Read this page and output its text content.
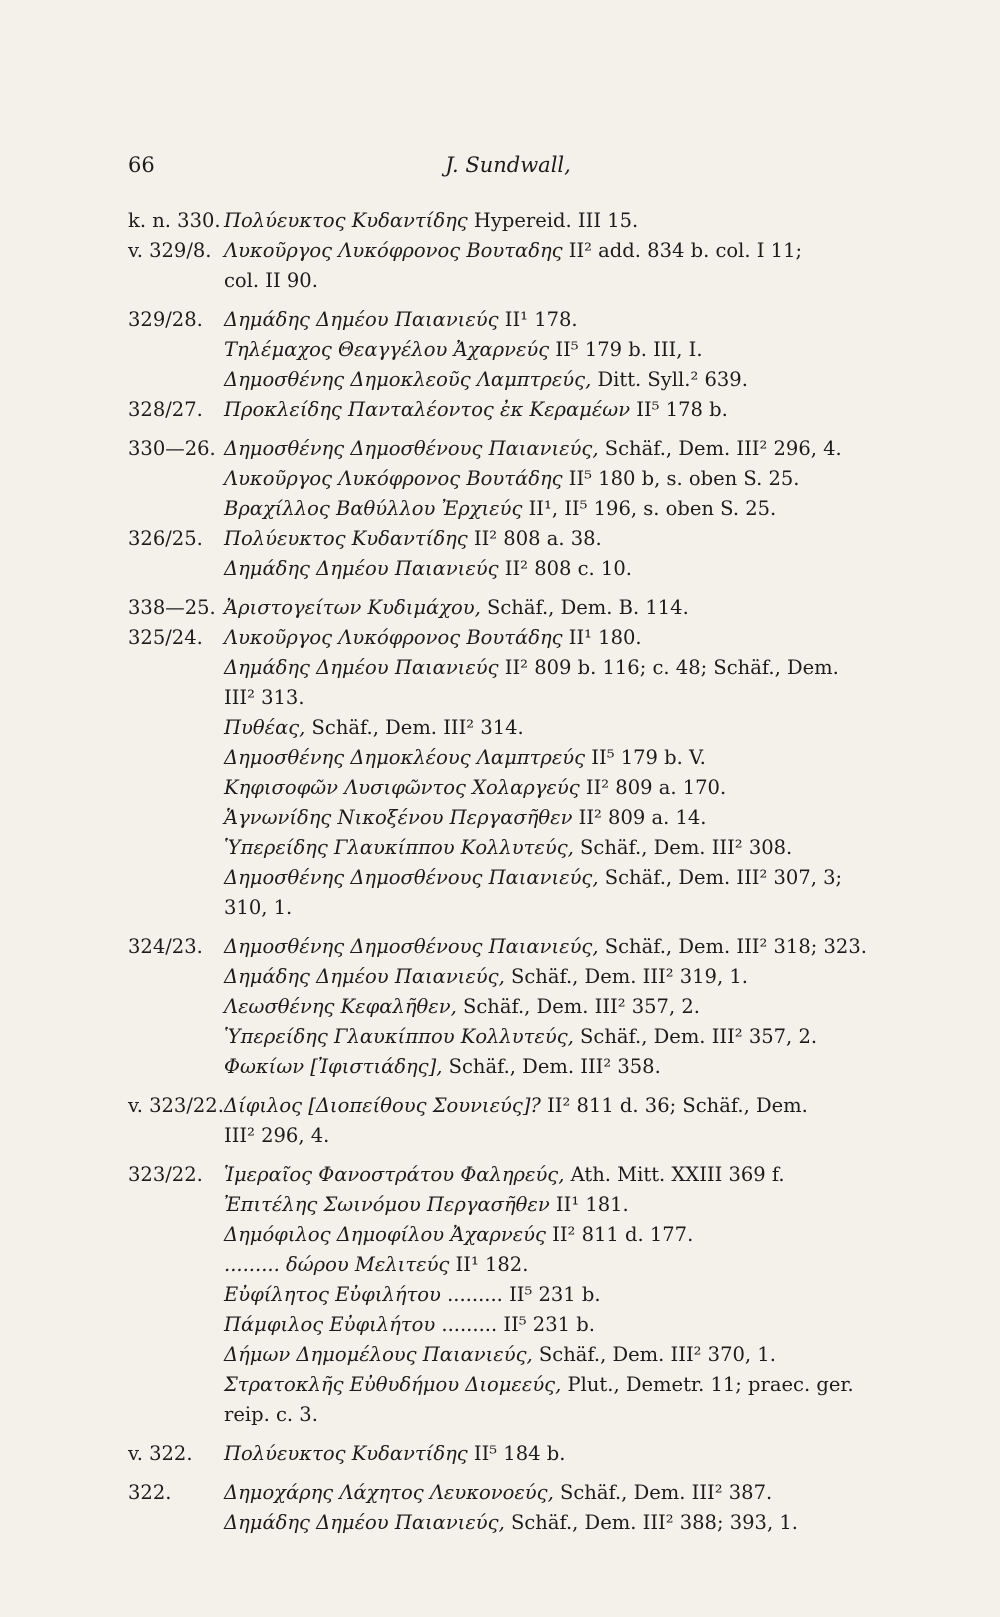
66	J. Sundwall,
k. n. 330. Πολύευκτος Κυδαντίδης Hypereid. III 15.
v. 329/8. Λυκοῦργος Λυκόφρονος Βουταδης II² add. 834 b. col. I 11;
col. II 90.
329/28. Δημάδης Δημέου Παιανιεύς II¹ 178.
Τηλέμαχος Θεαγγέλου Ἀχαρνεύς II⁵ 179 b. III, I.
Δημοσθένης Δημοκλεοῦς Λαμπτρεύς, Ditt. Syll.² 639.
328/27. Προκλείδης Πανταλέοντος ἐκ Κεραμέων II⁵ 178 b.
330—26. Δημοσθένης Δημοσθένους Παιανιεύς, Schäf., Dem. III² 296, 4.
Λυκοῦργος Λυκόφρονος Βουτάδης II⁵ 180 b, s. oben S. 25.
Βραχίλλος Βαθύλλου Ἐρχιεύς II¹, II⁵ 196, s. oben S. 25.
326/25. Πολύευκτος Κυδαντίδης II² 808 a. 38.
Δημάδης Δημέου Παιανιεύς II² 808 c. 10.
338—25. Ἀριστογείτων Κυδιμάχου, Schäf., Dem. B. 114.
325/24. Λυκοῦργος Λυκόφρονος Βουτάδης II¹ 180.
Δημάδης Δημέου Παιανιεύς II² 809 b. 116; c. 48; Schäf., Dem.
III² 313.
Πυθέας, Schäf., Dem. III² 314.
Δημοσθένης Δημοκλέους Λαμπτρεύς II⁵ 179 b. V.
Κηφισοφῶν Λυσιφῶντος Χολαργεύς II² 809 a. 170.
Ἁγνωνίδης Νικοξένου Περγασῆθεν II² 809 a. 14.
Ὑπερείδης Γλαυκίππου Κολλυτεύς, Schäf., Dem. III² 308.
Δημοσθένης Δημοσθένους Παιανιεύς, Schäf., Dem. III² 307, 3;
310, 1.
324/23. Δημοσθένης Δημοσθένους Παιανιεύς, Schäf., Dem. III² 318; 323.
Δημάδης Δημέου Παιανιεύς, Schäf., Dem. III² 319, 1.
Λεωσθένης Κεφαλῆθεν, Schäf., Dem. III² 357, 2.
Ὑπερείδης Γλαυκίππου Κολλυτεύς, Schäf., Dem. III² 357, 2.
Φωκίων [Ἰφιστιάδης], Schäf., Dem. III² 358.
v. 323/22. Δίφιλος [Διοπείθους Σουνιεύς]? II² 811 d. 36; Schäf., Dem.
III² 296, 4.
323/22. Ἱμεραῖος Φανοστράτου Φαληρεύς, Ath. Mitt. XXIII 369 f.
Ἐπιτέλης Σωινόμου Περγασῆθεν II¹ 181.
Δημόφιλος Δημοφίλου Ἀχαρνεύς II² 811 d. 177.
......... δώρου Μελιτεύς II¹ 182.
Εὐφίλητος Εὐφιλήτου ......... II⁵ 231 b.
Πάμφιλος Εὐφιλήτου ......... II⁵ 231 b.
Δήμων Δημομέλους Παιανιεύς, Schäf., Dem. III² 370, 1.
Στρατοκλῆς Εὐθυδήμου Διομεεύς, Plut., Demetr. 11; praec. ger.
reip. c. 3.
v. 322. Πολύευκτος Κυδαντίδης II⁵ 184 b.
322.	Δημοχάρης Λάχητος Λευκονοεύς, Schäf., Dem. III² 387.
Δημάδης Δημέου Παιανιεύς, Schäf., Dem. III² 388; 393, 1.
